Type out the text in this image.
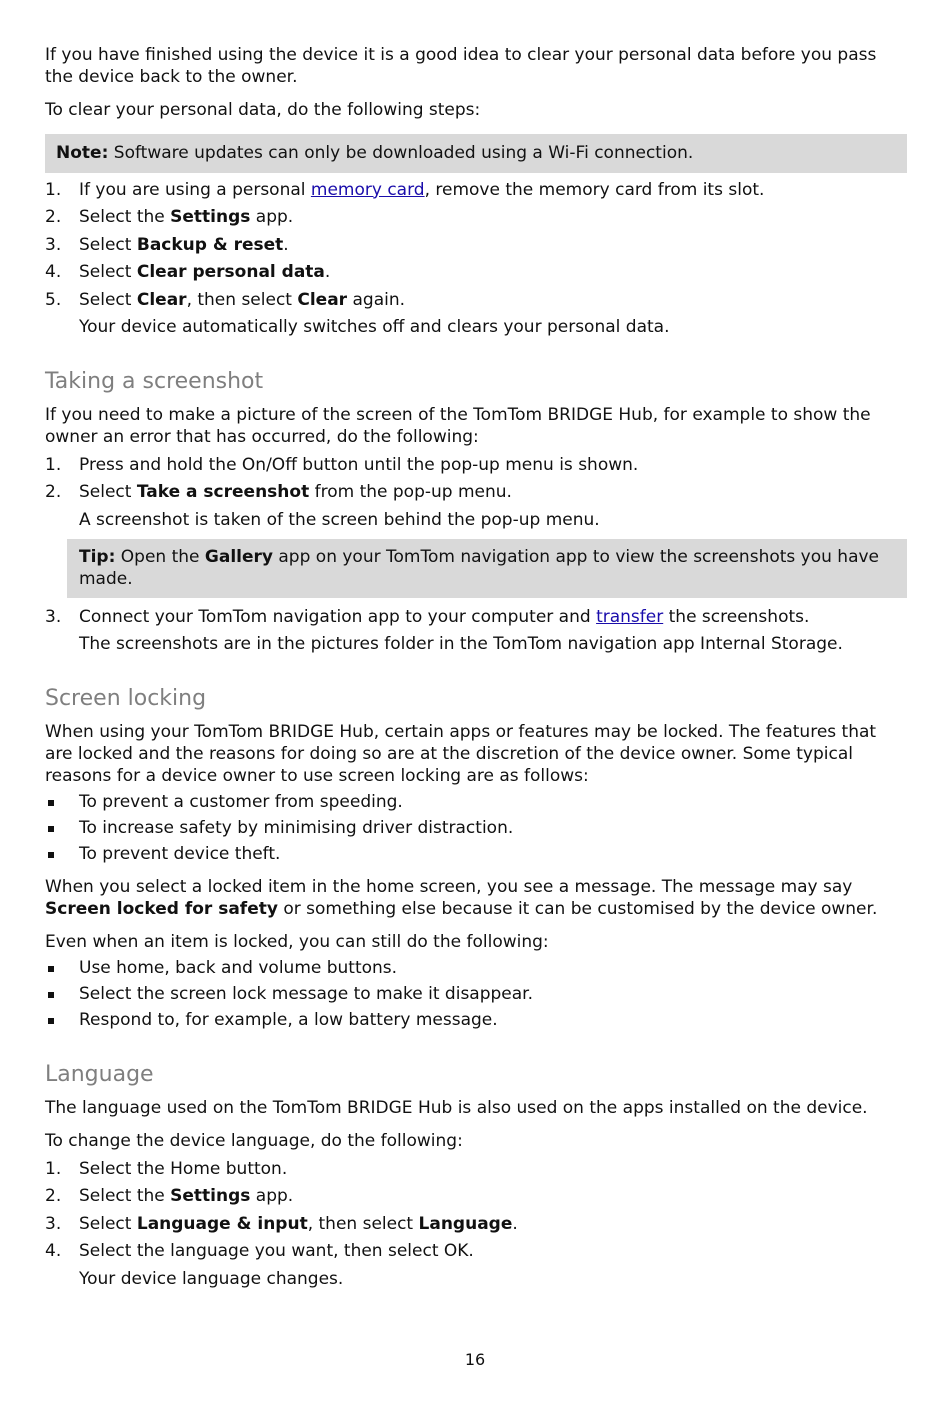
If you have finished using the device it is a good idea to clear your personal data before you pass the device back to the owner.

To clear your personal data, do the following steps:

Note: Software updates can only be downloaded using a Wi-Fi connection.
1. If you are using a personal memory card, remove the memory card from its slot.
2. Select the Settings app.
3. Select Backup & reset.
4. Select Clear personal data.
5. Select Clear, then select Clear again.

Your device automatically switches off and clears your personal data.

Taking a screenshot

If you need to make a picture of the screen of the TomTom BRIDGE Hub, for example to show the owner an error that has occurred, do the following:

1. Press and hold the On/Off button until the pop-up menu is shown.
2. Select Take a screenshot from the pop-up menu.

A screenshot is taken of the screen behind the pop-up menu.

Tip: Open the Gallery app on your TomTom navigation app to view the screenshots you have made.
3. Connect your TomTom navigation app to your computer and transfer the screenshots.

The screenshots are in the pictures folder in the TomTom navigation app Internal Storage.

Screen locking

When using your TomTom BRIDGE Hub, certain apps or features may be locked. The features that are locked and the reasons for doing so are at the discretion of the device owner. Some typical reasons for a device owner to use screen locking are as follows:

To prevent a customer from speeding.
To increase safety by minimising driver distraction.
To prevent device theft.

When you select a locked item in the home screen, you see a message. The message may say Screen locked for safety or something else because it can be customised by the device owner.

Even when an item is locked, you can still do the following:

Use home, back and volume buttons.
Select the screen lock message to make it disappear.
Respond to, for example, a low battery message.
Language

The language used on the TomTom BRIDGE Hub is also used on the apps installed on the device.

To change the device language, do the following:

1. Select the Home button.
2. Select the Settings app.
3. Select Language & input, then select Language.
4. Select the language you want, then select OK.

Your device language changes.

16
